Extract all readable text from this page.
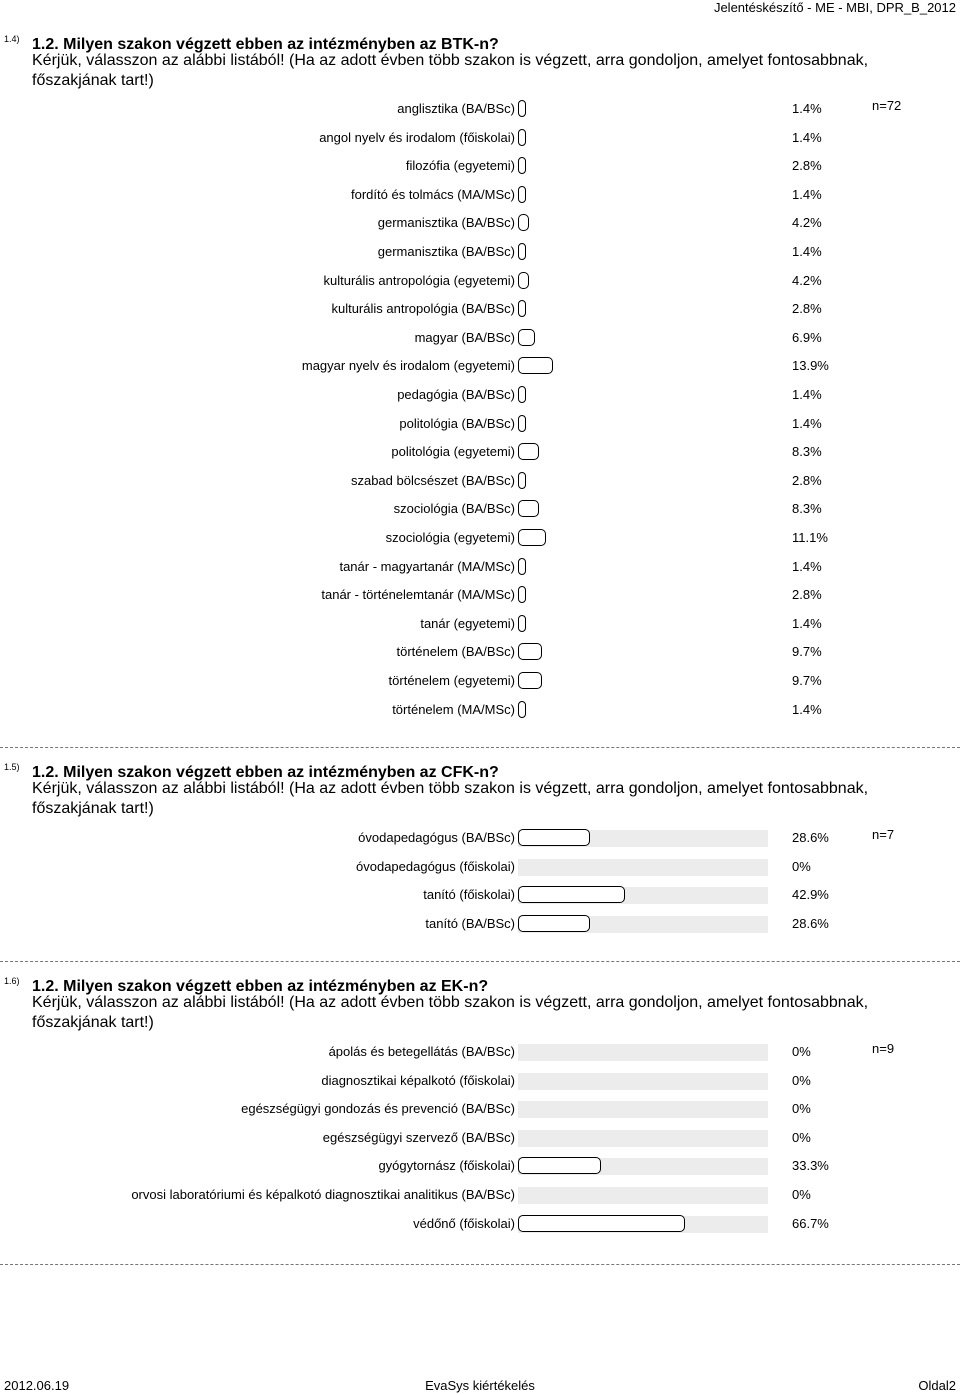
Jelentéskészítő - ME - MBI, DPR_B_2012
1.4) 1.2. Milyen szakon végzett ebben az intézményben az BTK-n?
Kérjük, válasszon az alábbi listából! (Ha az adott évben több szakon is végzett, arra gondoljon, amelyet fontosabbnak, főszakjának tart!)
n=72
anglisztika (BA/BSc)	1.4%
angol nyelv és irodalom (főiskolai)	1.4%
filozófia (egyetemi)	2.8%
fordító és tolmács (MA/MSc)	1.4%
germanisztika (BA/BSc)	4.2%
germanisztika (BA/BSc)	1.4%
kulturális antropológia (egyetemi)	4.2%
kulturális antropológia (BA/BSc)	2.8%
magyar (BA/BSc)	6.9%
magyar nyelv és irodalom (egyetemi)	13.9%
pedagógia (BA/BSc)	1.4%
politológia (BA/BSc)	1.4%
politológia (egyetemi)	8.3%
szabad bölcsészet (BA/BSc)	2.8%
szociológia (BA/BSc)	8.3%
szociológia (egyetemi)	11.1%
tanár - magyartanár (MA/MSc)	1.4%
tanár - történelemtanár (MA/MSc)	2.8%
tanár (egyetemi)	1.4%
történelem (BA/BSc)	9.7%
történelem (egyetemi)	9.7%
történelem (MA/MSc)	1.4%
1.5) 1.2. Milyen szakon végzett ebben az intézményben az CFK-n?
Kérjük, válasszon az alábbi listából! (Ha az adott évben több szakon is végzett, arra gondoljon, amelyet fontosabbnak, főszakjának tart!)
n=7
óvodapedagógus (BA/BSc)	28.6%
óvodapedagógus (főiskolai)	0%
tanító (főiskolai)	42.9%
tanító (BA/BSc)	28.6%
1.6) 1.2. Milyen szakon végzett ebben az intézményben az EK-n?
Kérjük, válasszon az alábbi listából! (Ha az adott évben több szakon is végzett, arra gondoljon, amelyet fontosabbnak, főszakjának tart!)
n=9
ápolás és betegellátás (BA/BSc)	0%
diagnosztikai képalkotó (főiskolai)	0%
egészségügyi gondozás és prevenció (BA/BSc)	0%
egészségügyi szervező (BA/BSc)	0%
gyógytornász (főiskolai)	33.3%
orvosi laboratóriumi és képalkotó diagnosztikai analitikus (BA/BSc)	0%
védőnő (főiskolai)	66.7%
2012.06.19	EvaSys kiértékelés	Oldal2
